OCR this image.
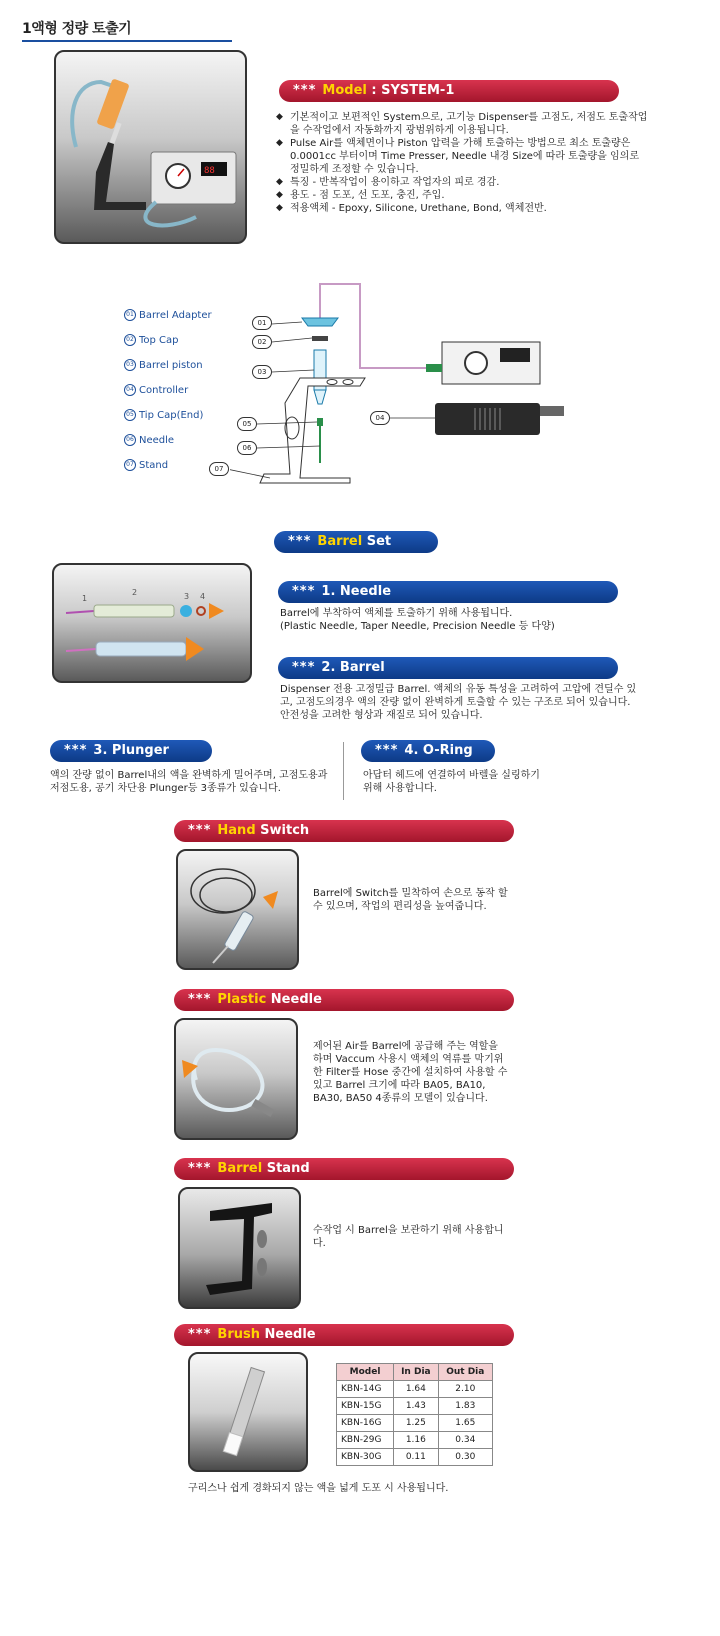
1액형 정량 토출기
88
*** Model : SYSTEM-1
◆ 기본적이고 보편적인 System으로, 고기능 Dispenser를 고점도, 저점도 토출작업을 수작업에서 자동화까지 광범위하게 이용됩니다.
◆ Pulse Air를 액체면이나 Piston 압력을 가해 토출하는 방법으로 최소 토출량은 0.0001cc 부터이며 Time Presser, Needle 내경 Size에 따라 토출량을 임의로 정밀하게 조정할 수 있습니다.
◆ 특징 - 반복작업이 용이하고 작업자의 피로 경감.
◆ 용도 - 점 도포, 선 도포, 충진, 주입.
◆ 적용액체 - Epoxy, Silicone, Urethane, Bond, 액체전반.
01 Barrel Adapter
02 Top Cap
03 Barrel piston
04 Controller
05 Tip Cap(End)
06 Needle
07 Stand
01
02
03
04
05
06
07
*** Barrel Set
1
2	3 4	*** 1. Needle
Barrel에 부착하여 액체를 토출하기 위해 사용됩니다.
(Plastic Needle, Taper Needle, Precision Needle 등 다양)
*** 2. Barrel
Dispenser 전용 고정밀급 Barrel. 액체의 유동 특성을 고려하여 고압에 견딜수 있고, 고점도의경우 액의 잔량 없이 완벽하게 토출할 수 있는 구조로 되어 있습니다. 안전성을 고려한 형상과 재질로 되어 있습니다.
*** 3. Plunger
액의 잔량 없이 Barrel내의 액을 완벽하게 밀어주며, 고점도용과 저점도용, 공기 차단용 Plunger등 3종류가 있습니다.
*** 4. O-Ring
아답터 헤드에 연결하여 바렐을 실링하기 위해 사용합니다.
*** Hand Switch
Barrel에 Switch를 밀착하여 손으로 동작 할 수 있으며, 작업의 편리성을 높여줍니다.
*** Plastic Needle
제어된 Air를 Barrel에 공급해 주는 역할을 하며 Vaccum 사용시 액체의 역류를 막기위한 Filter를 Hose 중간에 설치하여 사용할 수 있고 Barrel 크기에 따라 BA05, BA10, BA30, BA50 4종류의 모델이 있습니다.
*** Barrel Stand
수작업 시 Barrel을 보관하기 위해 사용합니다.
*** Brush Needle
Model	In Dia	Out Dia
KBN-14G	1.64	2.10
KBN-15G	1.43	1.83
KBN-16G	1.25	1.65
KBN-29G	1.16	0.34
KBN-30G	0.11	0.30
구리스나 쉽게 경화되지 않는 액을 넓게 도포 시 사용됩니다.
